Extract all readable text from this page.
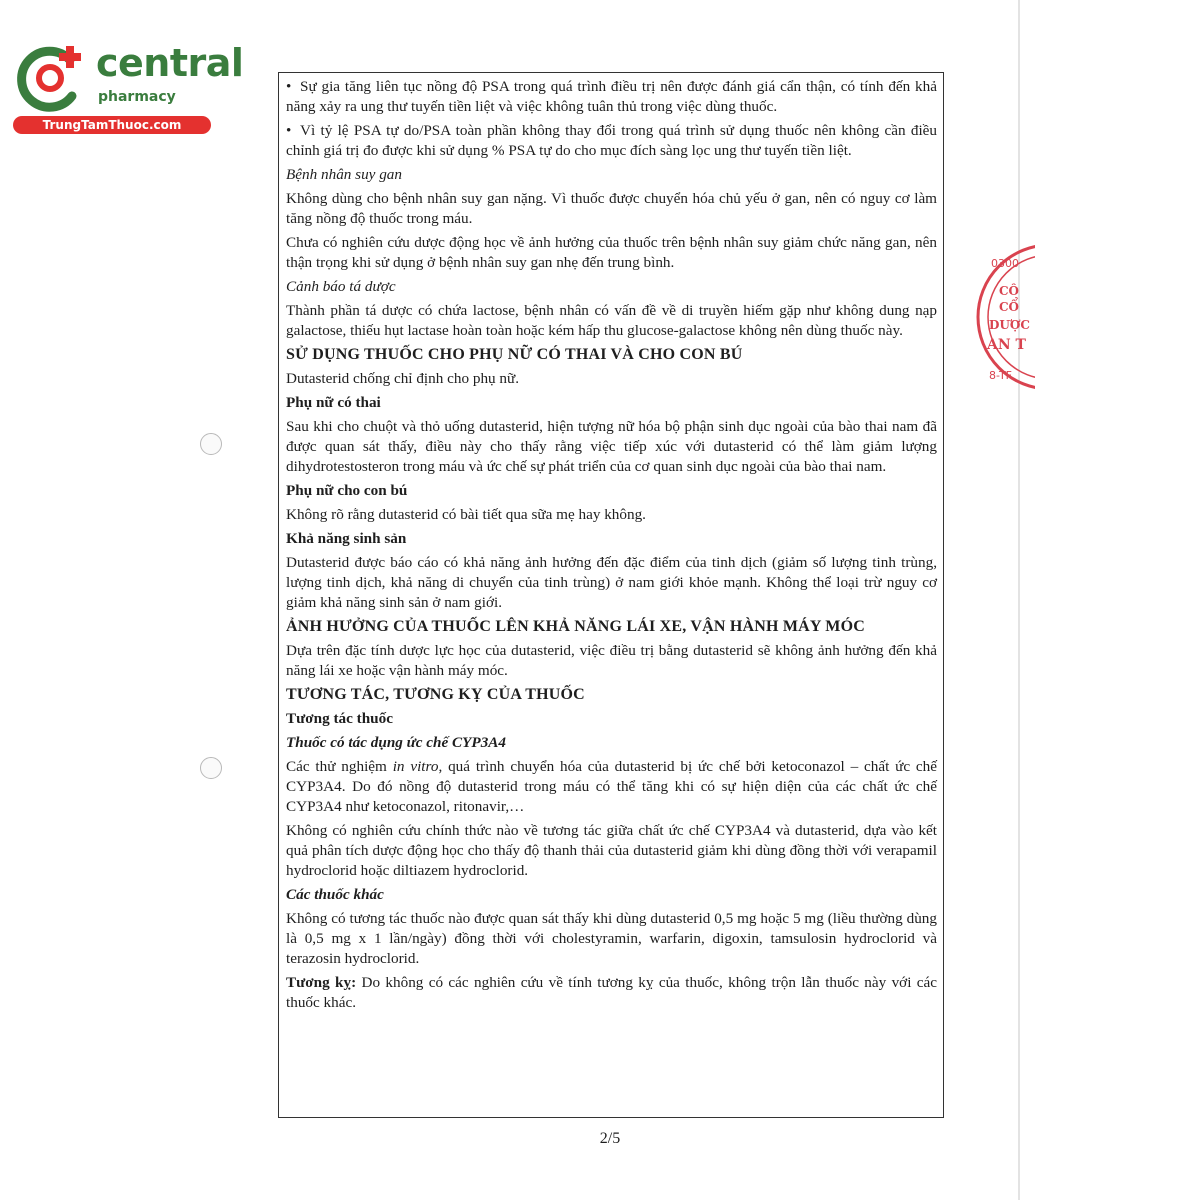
central
pharmacy
TrungTamThuoc.com
0300
CÔ
CỔ
DƯỢC
AN T
8-TF

• Sự gia tăng liên tục nồng độ PSA trong quá trình điều trị nên được đánh giá cẩn thận, có tính đến khả năng xảy ra ung thư tuyến tiền liệt và việc không tuân thủ trong việc dùng thuốc.

• Vì tỷ lệ PSA tự do/PSA toàn phần không thay đổi trong quá trình sử dụng thuốc nên không cần điều chỉnh giá trị đo được khi sử dụng % PSA tự do cho mục đích sàng lọc ung thư tuyến tiền liệt.

Bệnh nhân suy gan

Không dùng cho bệnh nhân suy gan nặng. Vì thuốc được chuyển hóa chủ yếu ở gan, nên có nguy cơ làm tăng nồng độ thuốc trong máu.

Chưa có nghiên cứu dược động học về ảnh hưởng của thuốc trên bệnh nhân suy giảm chức năng gan, nên thận trọng khi sử dụng ở bệnh nhân suy gan nhẹ đến trung bình.

Cảnh báo tá dược

Thành phần tá dược có chứa lactose, bệnh nhân có vấn đề về di truyền hiếm gặp như không dung nạp galactose, thiếu hụt lactase hoàn toàn hoặc kém hấp thu glucose-galactose không nên dùng thuốc này.

SỬ DỤNG THUỐC CHO PHỤ NỮ CÓ THAI VÀ CHO CON BÚ

Dutasterid chống chỉ định cho phụ nữ.

Phụ nữ có thai

Sau khi cho chuột và thỏ uống dutasterid, hiện tượng nữ hóa bộ phận sinh dục ngoài của bào thai nam đã được quan sát thấy, điều này cho thấy rằng việc tiếp xúc với dutasterid có thể làm giảm lượng dihydrotestosteron trong máu và ức chế sự phát triển của cơ quan sinh dục ngoài của bào thai nam.

Phụ nữ cho con bú

Không rõ rằng dutasterid có bài tiết qua sữa mẹ hay không.

Khả năng sinh sản

Dutasterid được báo cáo có khả năng ảnh hưởng đến đặc điểm của tinh dịch (giảm số lượng tinh trùng, lượng tinh dịch, khả năng di chuyển của tinh trùng) ở nam giới khỏe mạnh. Không thể loại trừ nguy cơ giảm khả năng sinh sản ở nam giới.

ẢNH HƯỞNG CỦA THUỐC LÊN KHẢ NĂNG LÁI XE, VẬN HÀNH MÁY MÓC

Dựa trên đặc tính dược lực học của dutasterid, việc điều trị bằng dutasterid sẽ không ảnh hưởng đến khả năng lái xe hoặc vận hành máy móc.

TƯƠNG TÁC, TƯƠNG KỴ CỦA THUỐC
Tương tác thuốc
Thuốc có tác dụng ức chế CYP3A4

Các thử nghiệm in vitro, quá trình chuyển hóa của dutasterid bị ức chế bởi ketoconazol – chất ức chế CYP3A4. Do đó nồng độ dutasterid trong máu có thể tăng khi có sự hiện diện của các chất ức chế CYP3A4 như ketoconazol, ritonavir,…

Không có nghiên cứu chính thức nào về tương tác giữa chất ức chế CYP3A4 và dutasterid, dựa vào kết quả phân tích dược động học cho thấy độ thanh thải của dutasterid giảm khi dùng đồng thời với verapamil hydroclorid hoặc diltiazem hydroclorid.

Các thuốc khác

Không có tương tác thuốc nào được quan sát thấy khi dùng dutasterid 0,5 mg hoặc 5 mg (liều thường dùng là 0,5 mg x 1 lần/ngày) đồng thời với cholestyramin, warfarin, digoxin, tamsulosin hydroclorid và terazosin hydroclorid.

Tương kỵ: Do không có các nghiên cứu về tính tương kỵ của thuốc, không trộn lẫn thuốc này với các thuốc khác.

2/5
